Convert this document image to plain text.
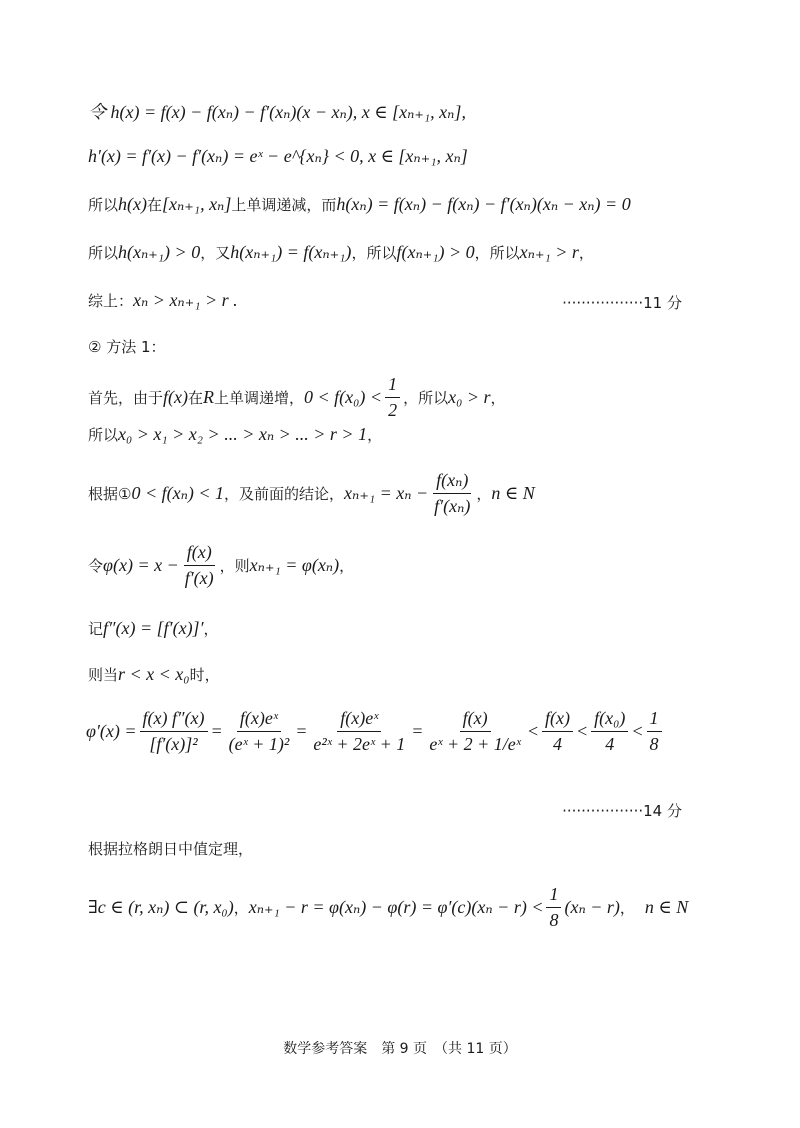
令 h(x) = f(x) − f(xₙ) − f′(xₙ)(x − xₙ), x ∈ [xₙ₊₁, xₙ],
h′(x) = f′(x) − f′(xₙ) = eˣ − e^{xₙ} < 0, x ∈ [xₙ₊₁, xₙ]
所以 h(x) 在 [xₙ₊₁, xₙ] 上单调递减，而 h(xₙ) = f(xₙ) − f(xₙ) − f′(xₙ)(xₙ − xₙ) = 0
所以 h(xₙ₊₁) > 0 ，又 h(xₙ₊₁) = f(xₙ₊₁) ，所以 f(xₙ₊₁) > 0 ，所以 xₙ₊₁ > r ，
综上： xₙ > xₙ₊₁ > r .	·················11 分
② 方法 1：
首先，由于 f(x) 在 R 上单调递增， $0 < f(x_0) < \frac{1}{2}$ ，所以 x₀ > r ，
所以 x₀ > x₁ > x₂ > ... > xₙ > ... > r > 1 ，
根据① 0 < f(xₙ) < 1 ，及前面的结论， $x_{n+1} = x_n - \frac{\text{f(xₙ)}}{\text{f′(xₙ)}}$ ， n ∈ N
令 $\varphi(x) = x - \frac{f(x)}{f'(x)}$ ，则 xₙ₊₁ = φ(xₙ) ，
记 f″(x) = [f′(x)]′ ，
则当 r < x < x₀ 时，
$\varphi'(x) = \frac{f(x) f''(x)}{\text{[f′(x)]²}} = \frac{\text{f(x)eˣ}}{\text{(eˣ + 1)²}} = \frac{\text{f(x)eˣ}}{\text{e²ˣ + 2eˣ + 1}} = \frac{f(x)}{\text{eˣ + 2 + 1/eˣ}} < \frac{f(x)}{4} < \frac{\text{f(x₀)}}{4} < \frac{1}{8}$
·················14 分
根据拉格朗日中值定理，
∃c ∈ (r, xₙ) ⊂ (r, x₀) ， $x_{n+1} - r = \varphi(x_n) - \varphi(r) = \varphi'(c)(x_n - r) < \frac{1}{8} (x_n - r)$ ， n ∈ N
数学参考答案　第 9 页　（共 11 页）
